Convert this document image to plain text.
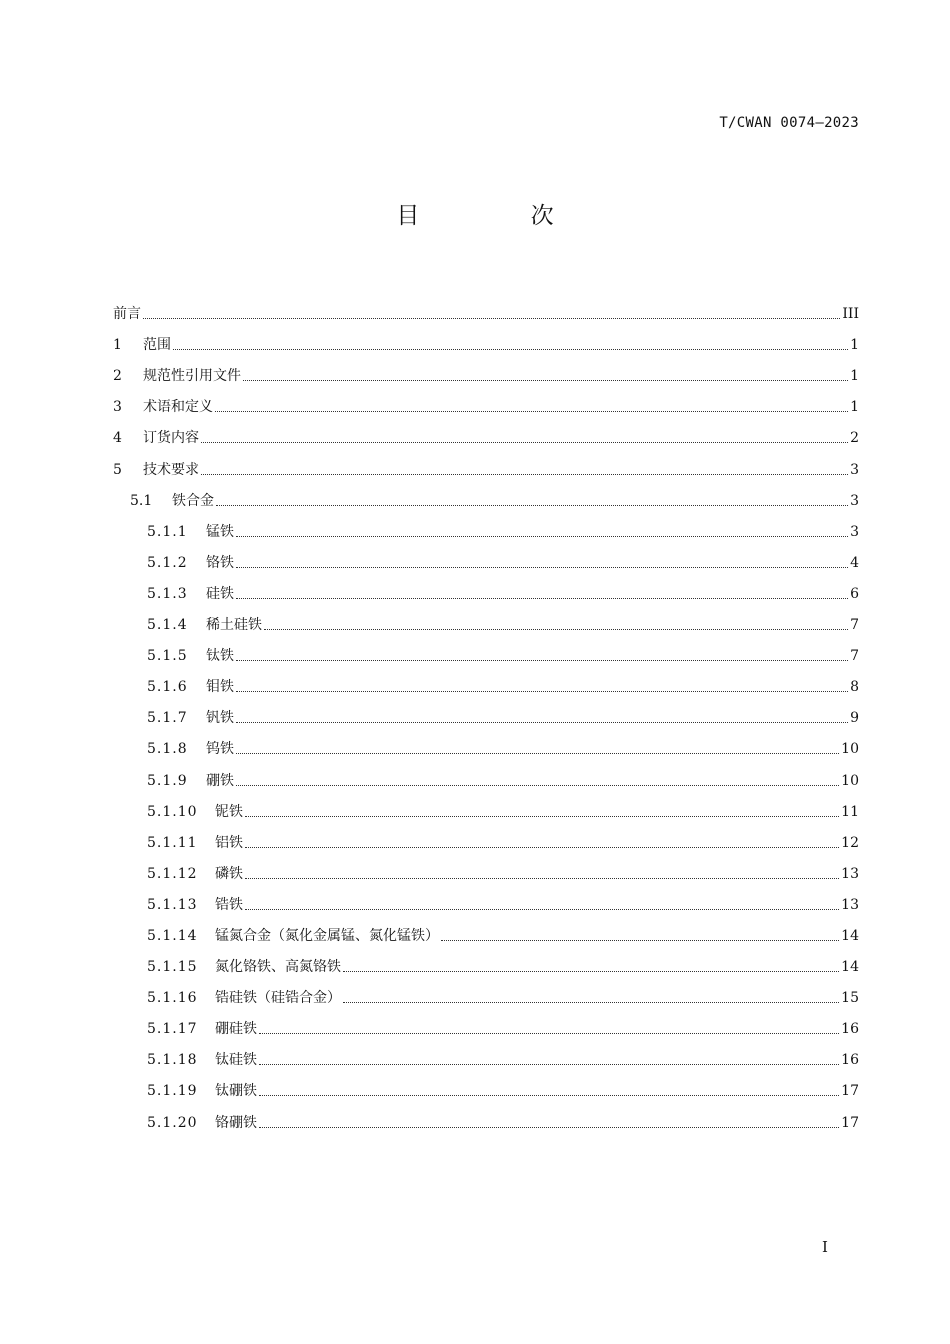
T/CWAN 0074—2023
目 次
前言	III
1	范围	1
2	规范性引用文件	1
3	术语和定义	1
4	订货内容	2
5	技术要求	3
5.1	铁合金	3
5.1.1	锰铁	3
5.1.2	铬铁	4
5.1.3	硅铁	6
5.1.4	稀土硅铁	7
5.1.5	钛铁	7
5.1.6	钼铁	8
5.1.7	钒铁	9
5.1.8	钨铁	10
5.1.9	硼铁	10
5.1.10	铌铁	11
5.1.11	铝铁	12
5.1.12	磷铁	13
5.1.13	锆铁	13
5.1.14	锰氮合金（氮化金属锰、氮化锰铁）	14
5.1.15	氮化铬铁、高氮铬铁	14
5.1.16	锆硅铁（硅锆合金）	15
5.1.17	硼硅铁	16
5.1.18	钛硅铁	16
5.1.19	钛硼铁	17
5.1.20	铬硼铁	17
I
